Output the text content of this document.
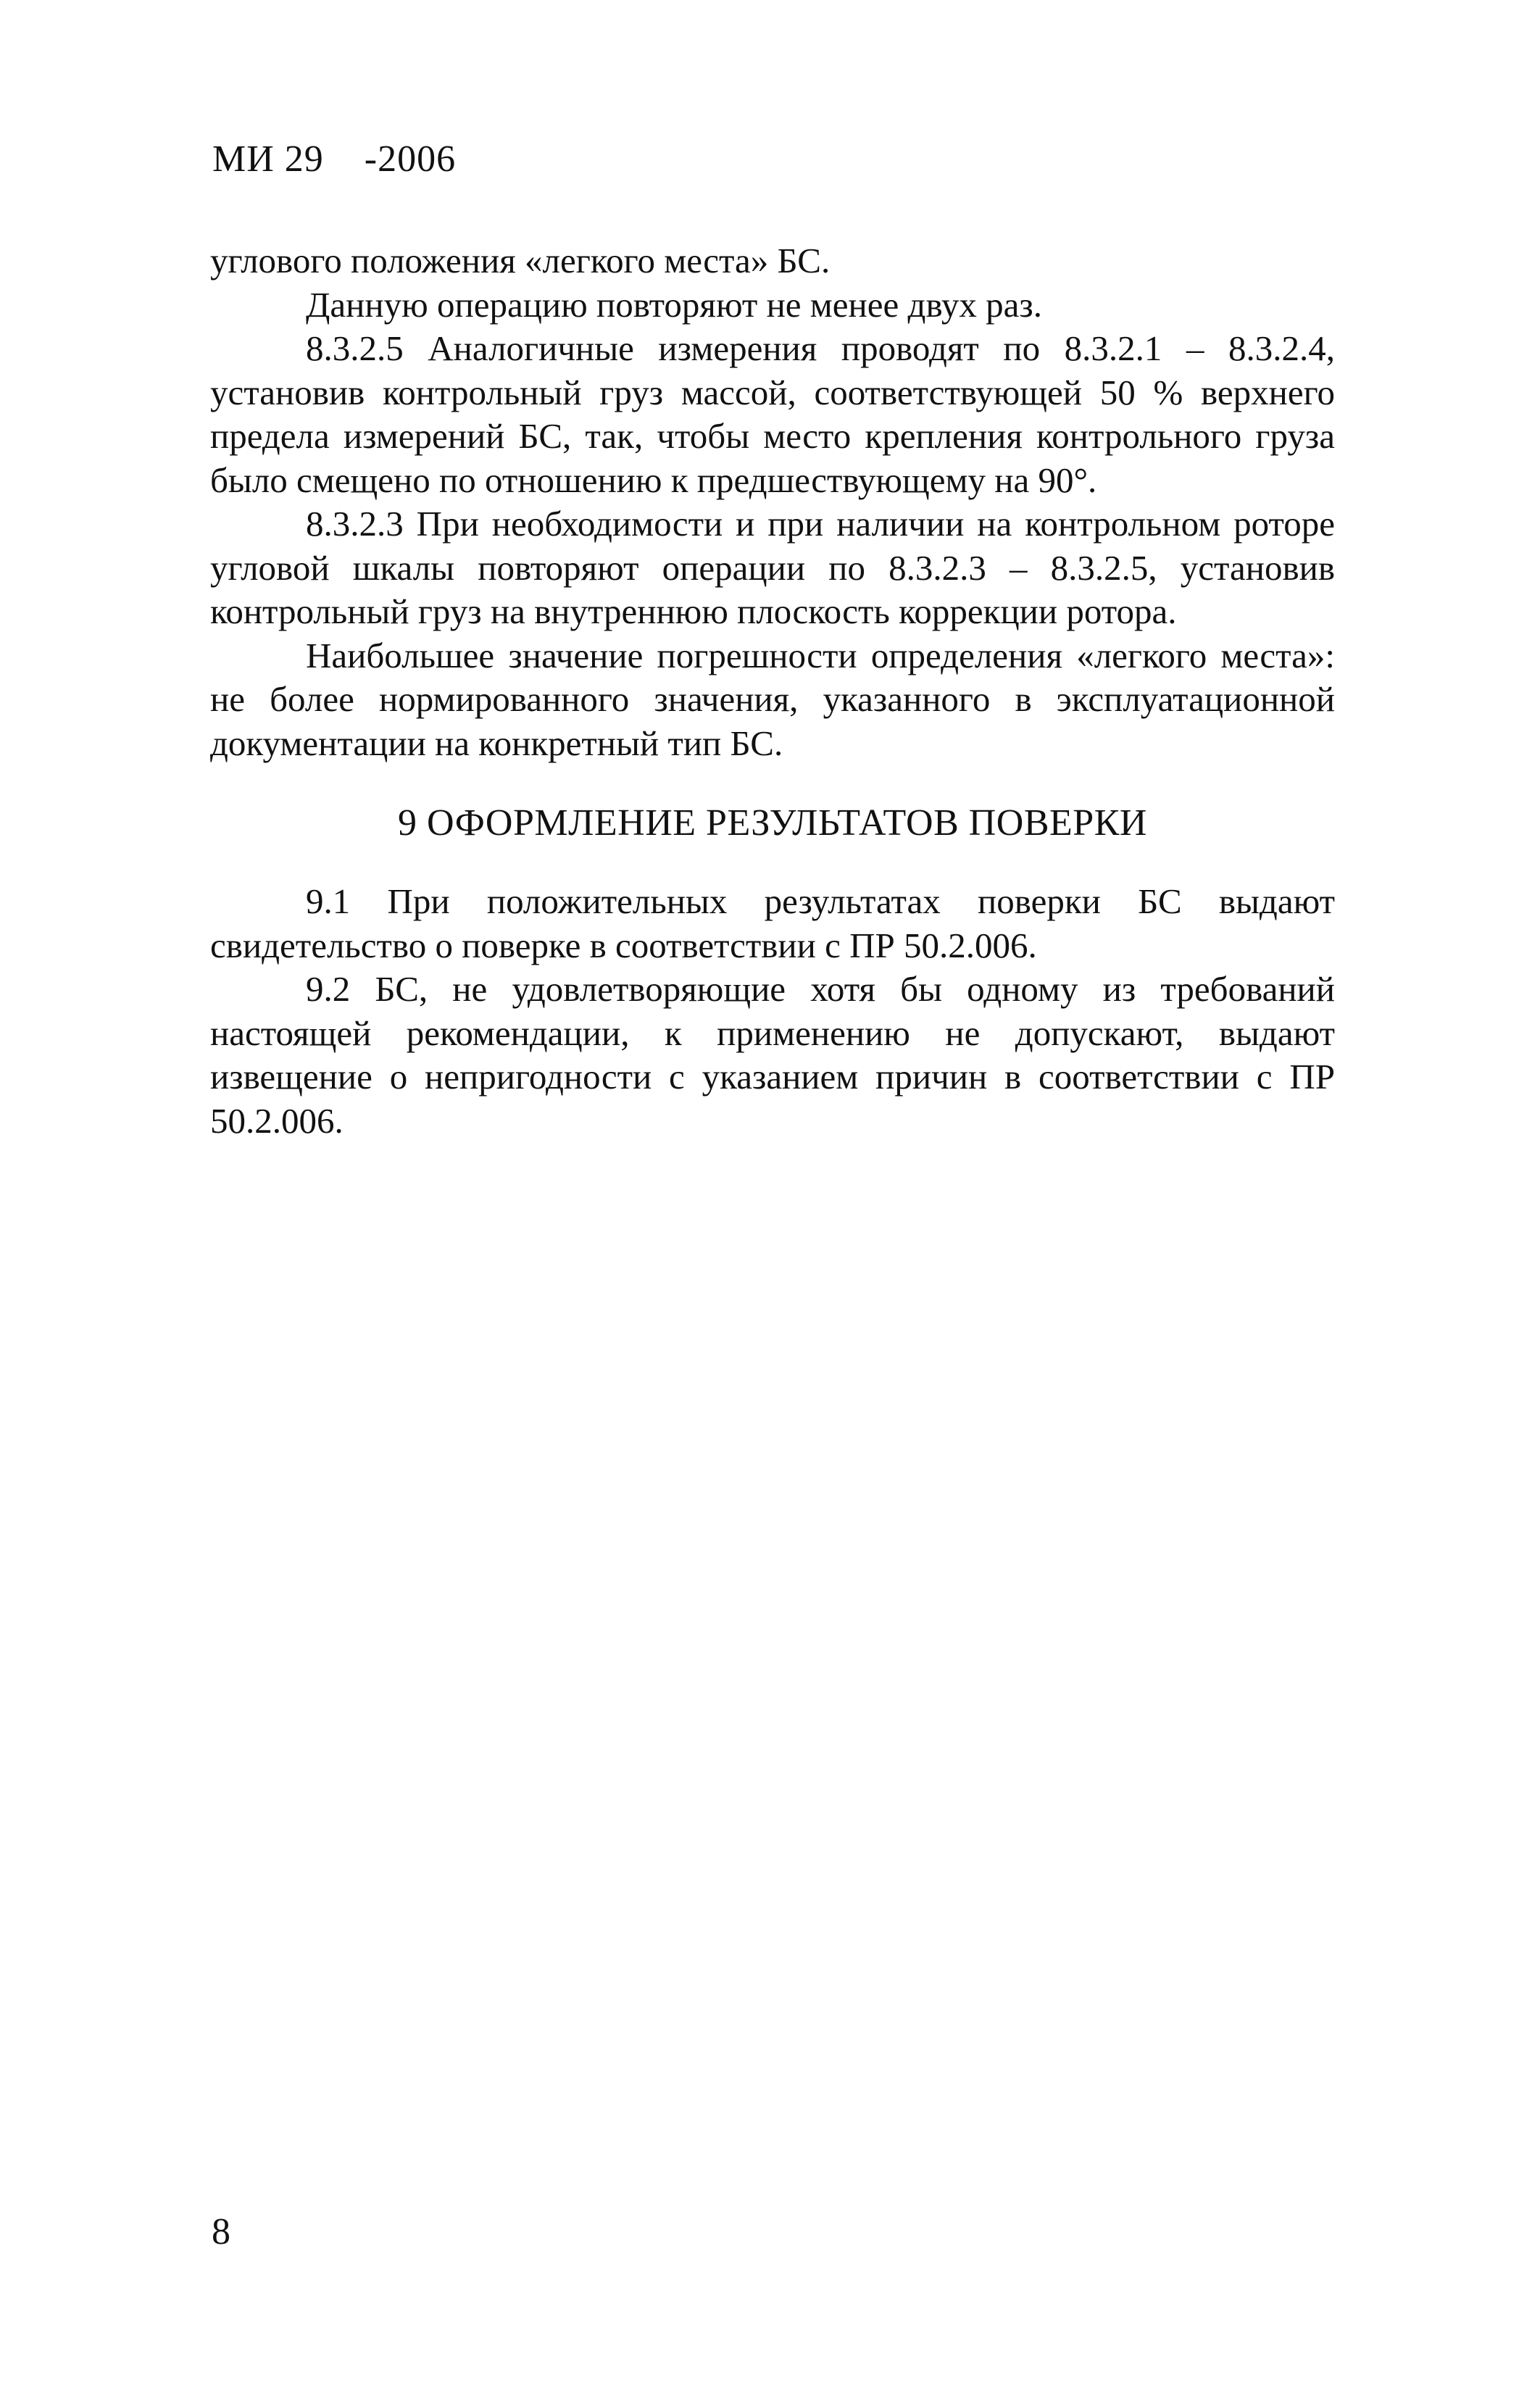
МИ 29    -2006

углового положения «легкого места» БС.

Данную операцию повторяют не менее двух раз.

8.3.2.5 Аналогичные измерения проводят по 8.3.2.1 – 8.3.2.4, установив контрольный груз массой, соответствующей 50 % верхнего предела измерений БС, так, чтобы место крепления контрольного груза было смещено по отношению к предшествующему на 90°.

8.3.2.3 При необходимости и при наличии на контрольном роторе угловой шкалы повторяют операции по 8.3.2.3 – 8.3.2.5, установив контрольный груз на внутреннюю плоскость коррекции ротора.

Наибольшее значение погрешности определения «легкого места»: не более нормированного значения, указанного в эксплуатационной документации на конкретный тип БС.

9 ОФОРМЛЕНИЕ РЕЗУЛЬТАТОВ ПОВЕРКИ

9.1 При положительных результатах поверки БС выдают свидетельство о поверке в соответствии с ПР 50.2.006.

9.2 БС, не удовлетворяющие хотя бы одному из требований настоящей рекомендации, к применению не допускают, выдают извещение о непригодности с указанием причин в соответствии с ПР 50.2.006.

8
